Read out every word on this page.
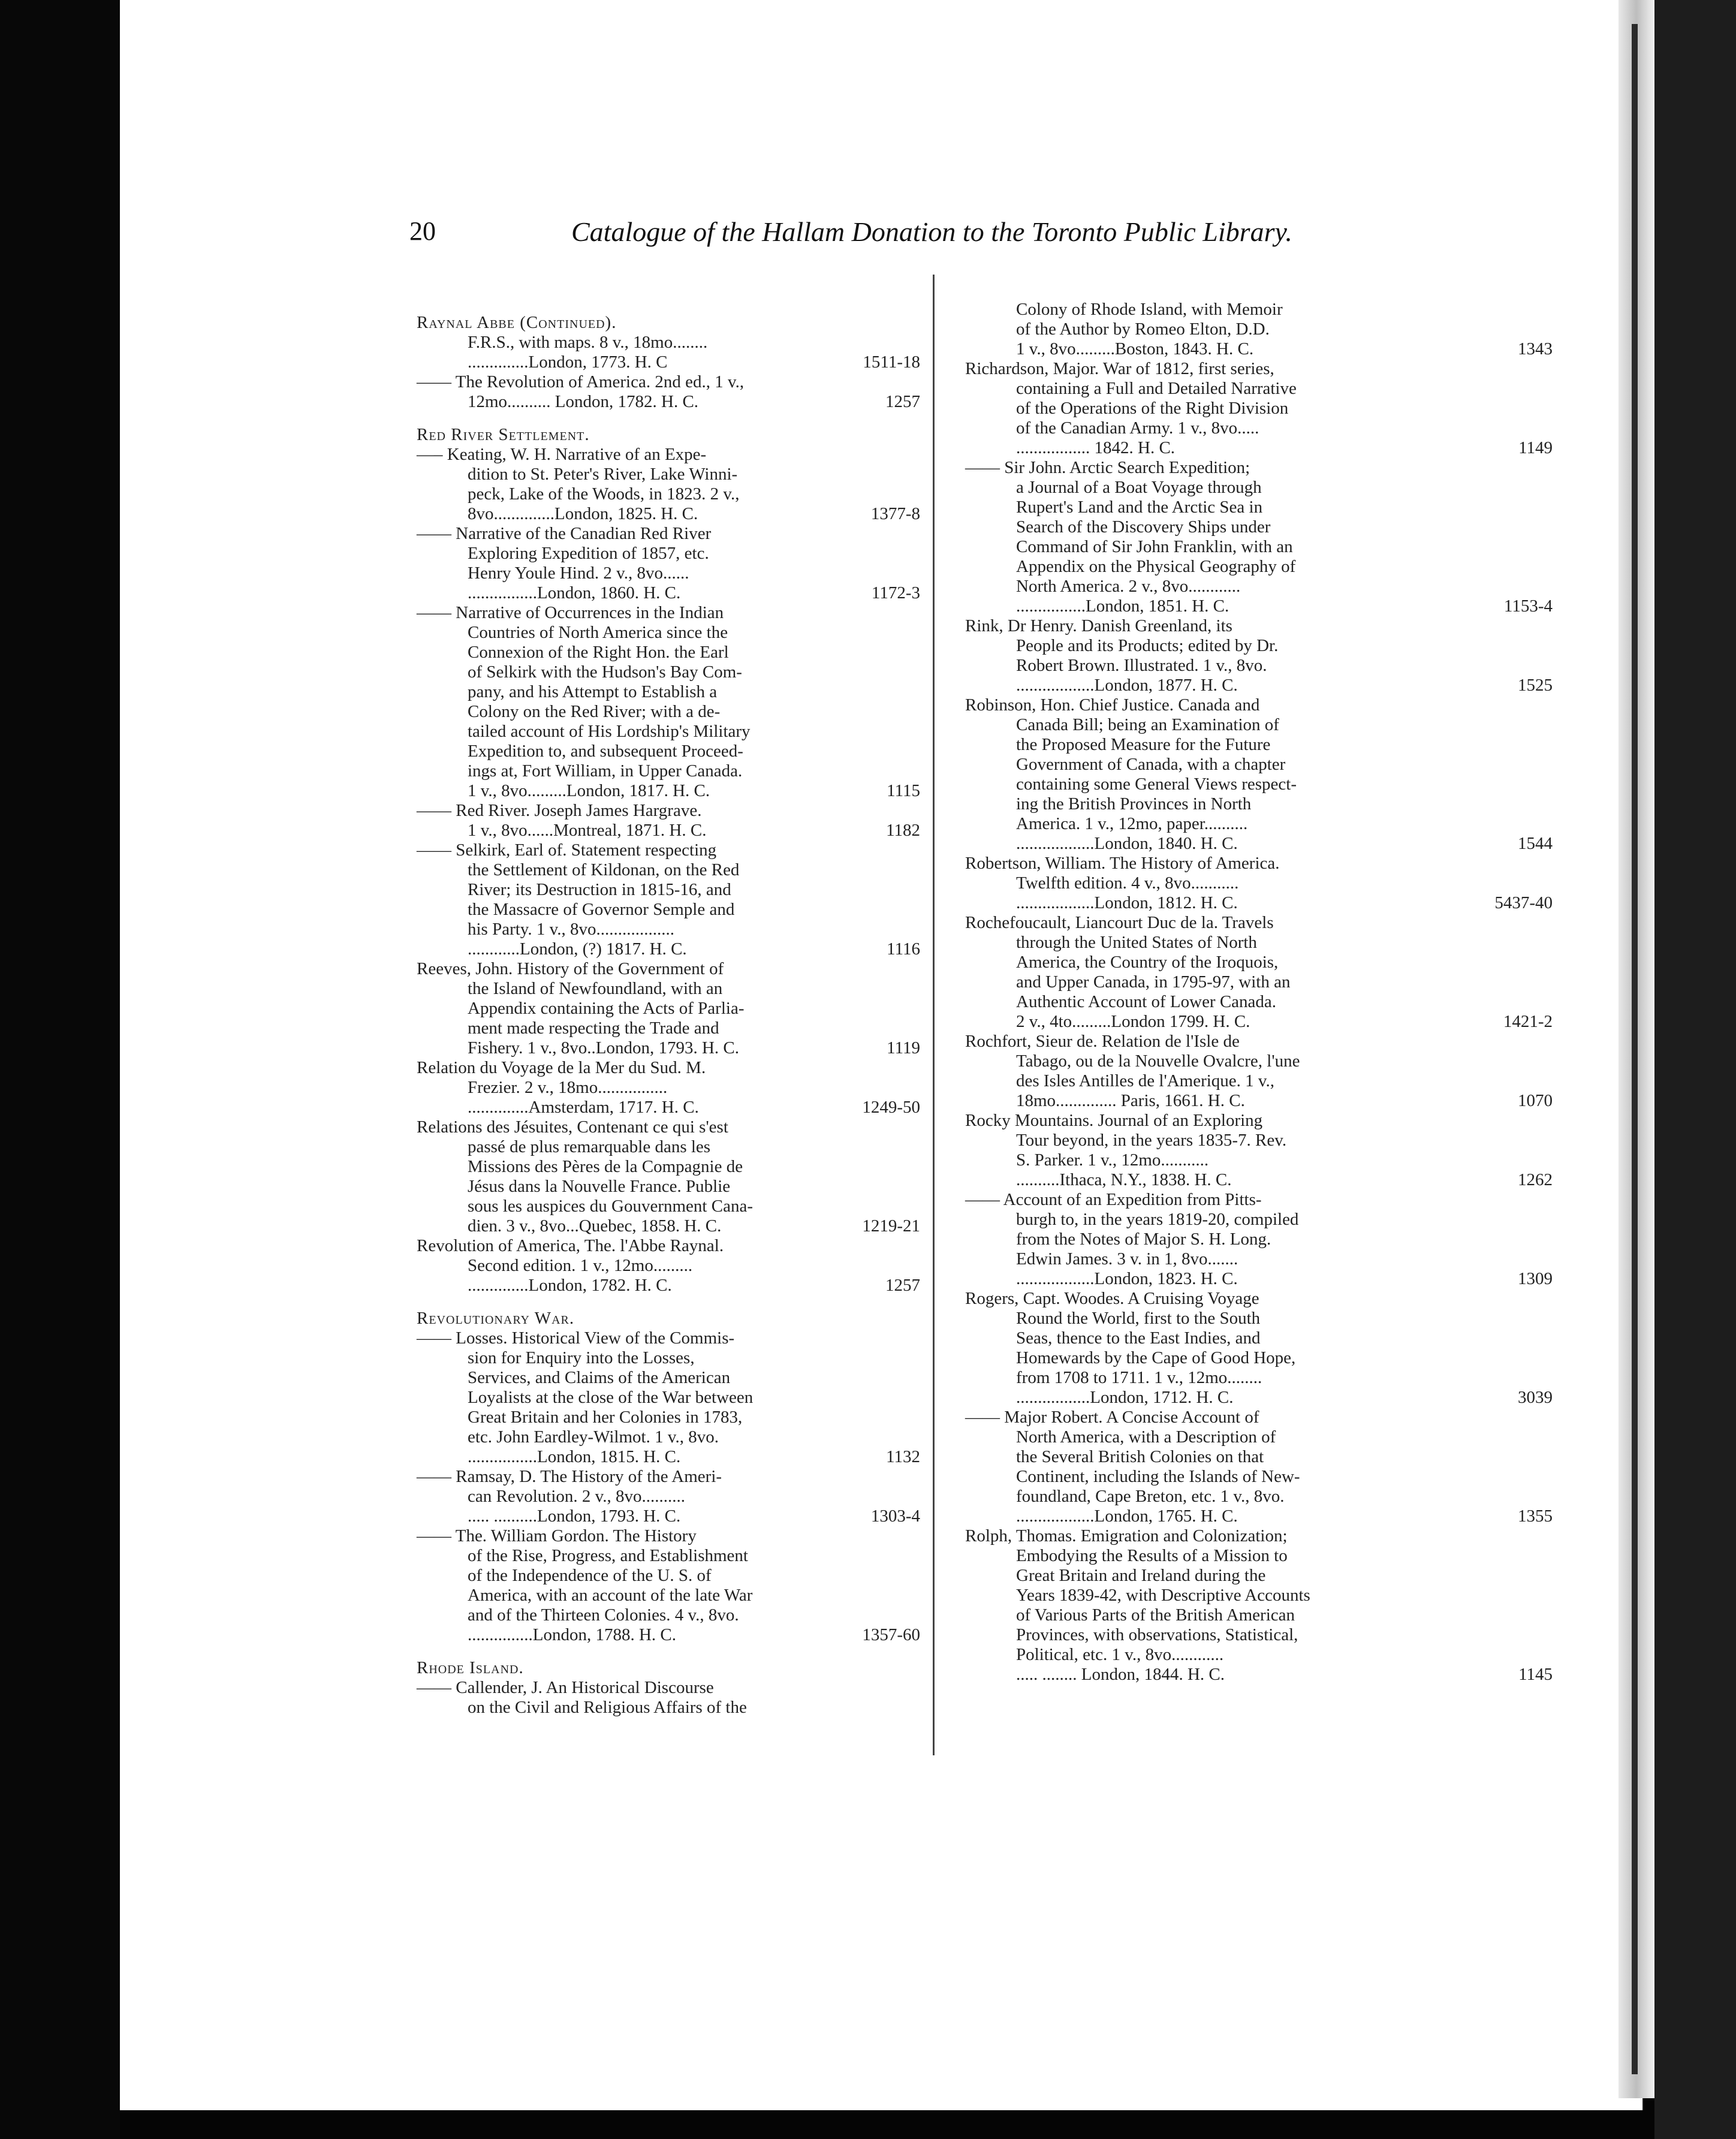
20	Catalogue of the Hallam Donation to the Toronto Public Library.
Raynal Abbe (Continued).
F.R.S., with maps. 8 v., 18mo........
..............London, 1773. H. C	1511-18
—— The Revolution of America. 2nd ed., 1 v.,
12mo.......... London, 1782. H. C.	1257
Red River Settlement.
—– Keating, W. H. Narrative of an Expe-
dition to St. Peter's River, Lake Winni-
peck, Lake of the Woods, in 1823. 2 v.,
8vo..............London, 1825. H. C.	1377-8
—— Narrative of the Canadian Red River
Exploring Expedition of 1857, etc.
Henry Youle Hind. 2 v., 8vo......
................London, 1860. H. C.	1172-3
—— Narrative of Occurrences in the Indian
Countries of North America since the
Connexion of the Right Hon. the Earl
of Selkirk with the Hudson's Bay Com-
pany, and his Attempt to Establish a
Colony on the Red River; with a de-
tailed account of His Lordship's Military
Expedition to, and subsequent Proceed-
ings at, Fort William, in Upper Canada.
1 v., 8vo.........London, 1817. H. C.	1115
—— Red River. Joseph James Hargrave.
1 v., 8vo......Montreal, 1871. H. C.	1182
—— Selkirk, Earl of. Statement respecting
the Settlement of Kildonan, on the Red
River; its Destruction in 1815-16, and
the Massacre of Governor Semple and
his Party. 1 v., 8vo..................
............London, (?) 1817. H. C.	1116
Reeves, John. History of the Government of
the Island of Newfoundland, with an
Appendix containing the Acts of Parlia-
ment made respecting the Trade and
Fishery. 1 v., 8vo..London, 1793. H. C.	1119
Relation du Voyage de la Mer du Sud. M.
Frezier. 2 v., 18mo................
..............Amsterdam, 1717. H. C.	1249-50
Relations des Jésuites, Contenant ce qui s'est
passé de plus remarquable dans les
Missions des Pères de la Compagnie de
Jésus dans la Nouvelle France. Publie
sous les auspices du Gouvernment Cana-
dien. 3 v., 8vo...Quebec, 1858. H. C.	1219-21
Revolution of America, The. l'Abbe Raynal.
Second edition. 1 v., 12mo.........
..............London, 1782. H. C.	1257
Revolutionary War.
—— Losses. Historical View of the Commis-
sion for Enquiry into the Losses,
Services, and Claims of the American
Loyalists at the close of the War between
Great Britain and her Colonies in 1783,
etc. John Eardley-Wilmot. 1 v., 8vo.
................London, 1815. H. C.	1132
—— Ramsay, D. The History of the Ameri-
can Revolution. 2 v., 8vo..........
..... ..........London, 1793. H. C.	1303-4
—— The. William Gordon. The History
of the Rise, Progress, and Establishment
of the Independence of the U. S. of
America, with an account of the late War
and of the Thirteen Colonies. 4 v., 8vo.
...............London, 1788. H. C.	1357-60
Rhode Island.
—— Callender, J. An Historical Discourse
on the Civil and Religious Affairs of the
Colony of Rhode Island, with Memoir
of the Author by Romeo Elton, D.D.
1 v., 8vo.........Boston, 1843. H. C.	1343
Richardson, Major. War of 1812, first series,
containing a Full and Detailed Narrative
of the Operations of the Right Division
of the Canadian Army. 1 v., 8vo.....
................. 1842. H. C.	1149
—— Sir John. Arctic Search Expedition;
a Journal of a Boat Voyage through
Rupert's Land and the Arctic Sea in
Search of the Discovery Ships under
Command of Sir John Franklin, with an
Appendix on the Physical Geography of
North America. 2 v., 8vo............
................London, 1851. H. C.	1153-4
Rink, Dr Henry. Danish Greenland, its
People and its Products; edited by Dr.
Robert Brown. Illustrated. 1 v., 8vo.
..................London, 1877. H. C.	1525
Robinson, Hon. Chief Justice. Canada and
Canada Bill; being an Examination of
the Proposed Measure for the Future
Government of Canada, with a chapter
containing some General Views respect-
ing the British Provinces in North
America. 1 v., 12mo, paper..........
..................London, 1840. H. C.	1544
Robertson, William. The History of America.
Twelfth edition. 4 v., 8vo...........
..................London, 1812. H. C.	5437-40
Rochefoucault, Liancourt Duc de la. Travels
through the United States of North
America, the Country of the Iroquois,
and Upper Canada, in 1795-97, with an
Authentic Account of Lower Canada.
2 v., 4to.........London 1799. H. C.	1421-2
Rochfort, Sieur de. Relation de l'Isle de
Tabago, ou de la Nouvelle Ovalcre, l'une
des Isles Antilles de l'Amerique. 1 v.,
18mo.............. Paris, 1661. H. C.	1070
Rocky Mountains. Journal of an Exploring
Tour beyond, in the years 1835-7. Rev.
S. Parker. 1 v., 12mo...........
..........Ithaca, N.Y., 1838. H. C.	1262
—— Account of an Expedition from Pitts-
burgh to, in the years 1819-20, compiled
from the Notes of Major S. H. Long.
Edwin James. 3 v. in 1, 8vo.......
..................London, 1823. H. C.	1309
Rogers, Capt. Woodes. A Cruising Voyage
Round the World, first to the South
Seas, thence to the East Indies, and
Homewards by the Cape of Good Hope,
from 1708 to 1711. 1 v., 12mo........
.................London, 1712. H. C.	3039
—— Major Robert. A Concise Account of
North America, with a Description of
the Several British Colonies on that
Continent, including the Islands of New-
foundland, Cape Breton, etc. 1 v., 8vo.
..................London, 1765. H. C.	1355
Rolph, Thomas. Emigration and Colonization;
Embodying the Results of a Mission to
Great Britain and Ireland during the
Years 1839-42, with Descriptive Accounts
of Various Parts of the British American
Provinces, with observations, Statistical,
Political, etc. 1 v., 8vo............
..... ........ London, 1844. H. C.	1145
